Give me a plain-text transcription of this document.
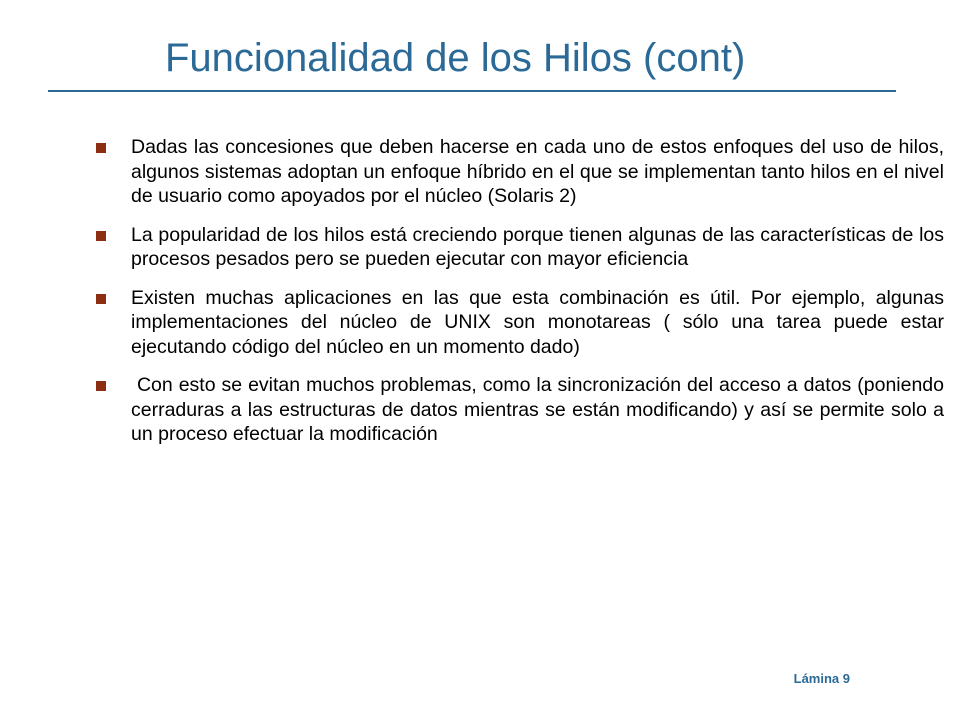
Funcionalidad de los Hilos (cont)
Dadas las concesiones que deben hacerse en cada uno de estos enfoques del uso de hilos, algunos sistemas adoptan un enfoque híbrido en el que se implementan tanto hilos en el nivel de usuario como apoyados por el núcleo (Solaris 2)
La popularidad de los hilos está creciendo porque tienen algunas de las características de los procesos pesados pero se pueden ejecutar con mayor eficiencia
Existen muchas aplicaciones en las que esta combinación es útil. Por ejemplo, algunas implementaciones del núcleo de UNIX son monotareas ( sólo una tarea puede estar ejecutando código del núcleo en un momento dado)
Con esto se evitan muchos problemas, como la sincronización del acceso a datos (poniendo cerraduras a las estructuras de datos mientras se están modificando) y así se permite solo a un proceso efectuar la modificación
Lámina 9
